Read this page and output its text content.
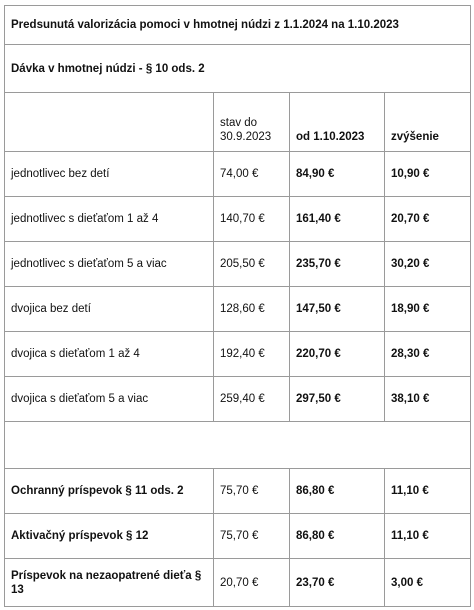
Predsunutá valorizácia pomoci v hmotnej núdzi z 1.1.2024 na 1.10.2023			
Dávka v hmotnej núdzi - § 10 ods. 2			
	stav do 30.9.2023	od 1.10.2023	zvýšenie
jednotlivec bez detí	74,00 €	84,90 €	10,90 €
jednotlivec s dieťaťom 1 až 4	140,70 €	161,40 €	20,70 €
jednotlivec s dieťaťom 5 a viac	205,50 €	235,70 €	30,20 €
dvojica bez detí	128,60 €	147,50 €	18,90 €
dvojica s dieťaťom 1 až 4	192,40 €	220,70 €	28,30 €
dvojica s dieťaťom 5 a viac	259,40 €	297,50 €	38,10 €

Ochranný príspevok § 11 ods. 2	75,70 €	86,80 €	11,10 €
Aktivačný príspevok § 12	75,70 €	86,80 €	11,10 €
Príspevok na nezaopatrené dieťa § 13	20,70 €	23,70 €	3,00 €
